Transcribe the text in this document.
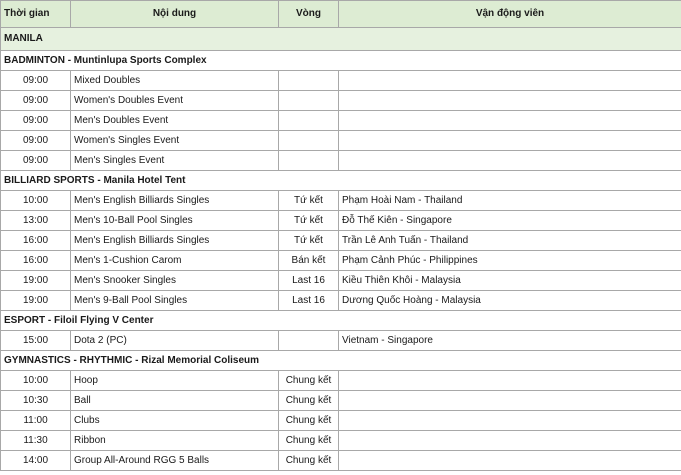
Thời gian	Nội dung	Vòng	Vận động viên
MANILA			
BADMINTON - Muntinlupa Sports Complex			
09:00	Mixed Doubles		
09:00	Women's Doubles Event		
09:00	Men's Doubles Event		
09:00	Women's Singles Event		
09:00	Men's Singles Event		
BILLIARD SPORTS - Manila Hotel Tent			
10:00	Men's English Billiards Singles	Tứ kết	Phạm Hoài Nam - Thailand
13:00	Men's 10-Ball Pool Singles	Tứ kết	Đỗ Thế Kiên - Singapore
16:00	Men's English Billiards Singles	Tứ kết	Trần Lê Anh Tuấn - Thailand
16:00	Men's 1-Cushion Carom	Bán kết	Phạm Cảnh Phúc - Philippines
19:00	Men's Snooker Singles	Last 16	Kiều Thiên Khôi - Malaysia
19:00	Men's 9-Ball Pool Singles	Last 16	Dương Quốc Hoàng - Malaysia
ESPORT - Filoil Flying V Center			
15:00	Dota 2 (PC)		Vietnam - Singapore
GYMNASTICS - RHYTHMIC - Rizal Memorial Coliseum			
10:00	Hoop	Chung kết	
10:30	Ball	Chung kết	
11:00	Clubs	Chung kết	
11:30	Ribbon	Chung kết	
14:00	Group All-Around RGG 5 Balls	Chung kết	
